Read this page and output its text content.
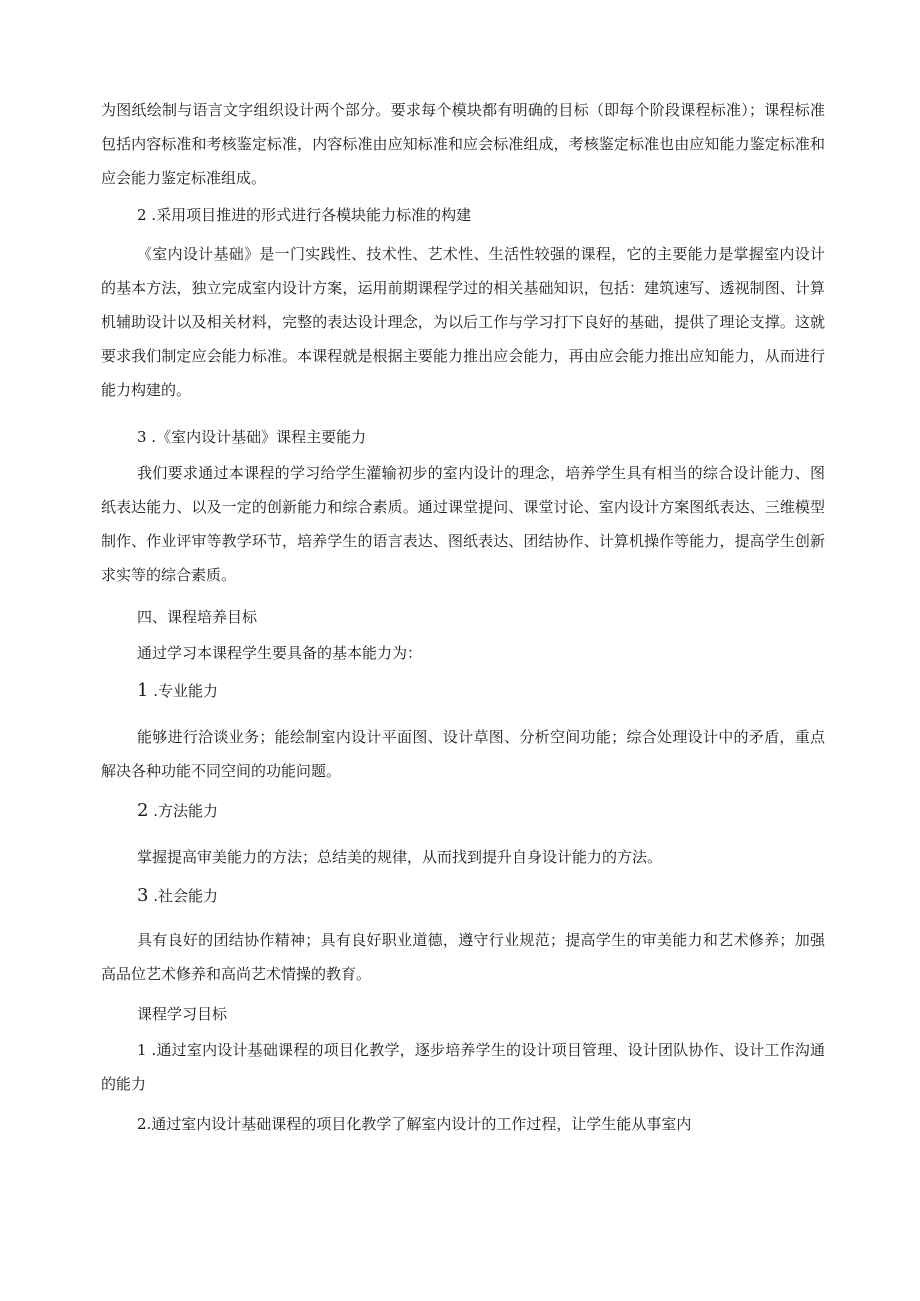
为图纸绘制与语言文字组织设计两个部分。要求每个模块都有明确的目标（即每个阶段课程标准）；课程标准包括内容标准和考核鉴定标准，内容标准由应知标准和应会标准组成，考核鉴定标准也由应知能力鉴定标准和应会能力鉴定标准组成。

2 .采用项目推进的形式进行各模块能力标准的构建

《室内设计基础》是一门实践性、技术性、艺术性、生活性较强的课程，它的主要能力是掌握室内设计的基本方法，独立完成室内设计方案，运用前期课程学过的相关基础知识，包括：建筑速写、透视制图、计算机辅助设计以及相关材料，完整的表达设计理念，为以后工作与学习打下良好的基础，提供了理论支撑。这就要求我们制定应会能力标准。本课程就是根据主要能力推出应会能力，再由应会能力推出应知能力，从而进行能力构建的。

3 .《室内设计基础》课程主要能力

我们要求通过本课程的学习给学生灌输初步的室内设计的理念，培养学生具有相当的综合设计能力、图纸表达能力、以及一定的创新能力和综合素质。通过课堂提问、课堂讨论、室内设计方案图纸表达、三维模型制作、作业评审等教学环节，培养学生的语言表达、图纸表达、团结协作、计算机操作等能力，提高学生创新求实等的综合素质。

四、课程培养目标

通过学习本课程学生要具备的基本能力为：

1 .专业能力

能够进行洽谈业务；能绘制室内设计平面图、设计草图、分析空间功能；综合处理设计中的矛盾，重点解决各种功能不同空间的功能问题。

2 .方法能力

掌握提高审美能力的方法；总结美的规律，从而找到提升自身设计能力的方法。

3 .社会能力

具有良好的团结协作精神；具有良好职业道德，遵守行业规范；提高学生的审美能力和艺术修养；加强高品位艺术修养和高尚艺术情操的教育。

课程学习目标

1 .通过室内设计基础课程的项目化教学，逐步培养学生的设计项目管理、设计团队协作、设计工作沟通的能力

2.通过室内设计基础课程的项目化教学了解室内设计的工作过程，让学生能从事室内
